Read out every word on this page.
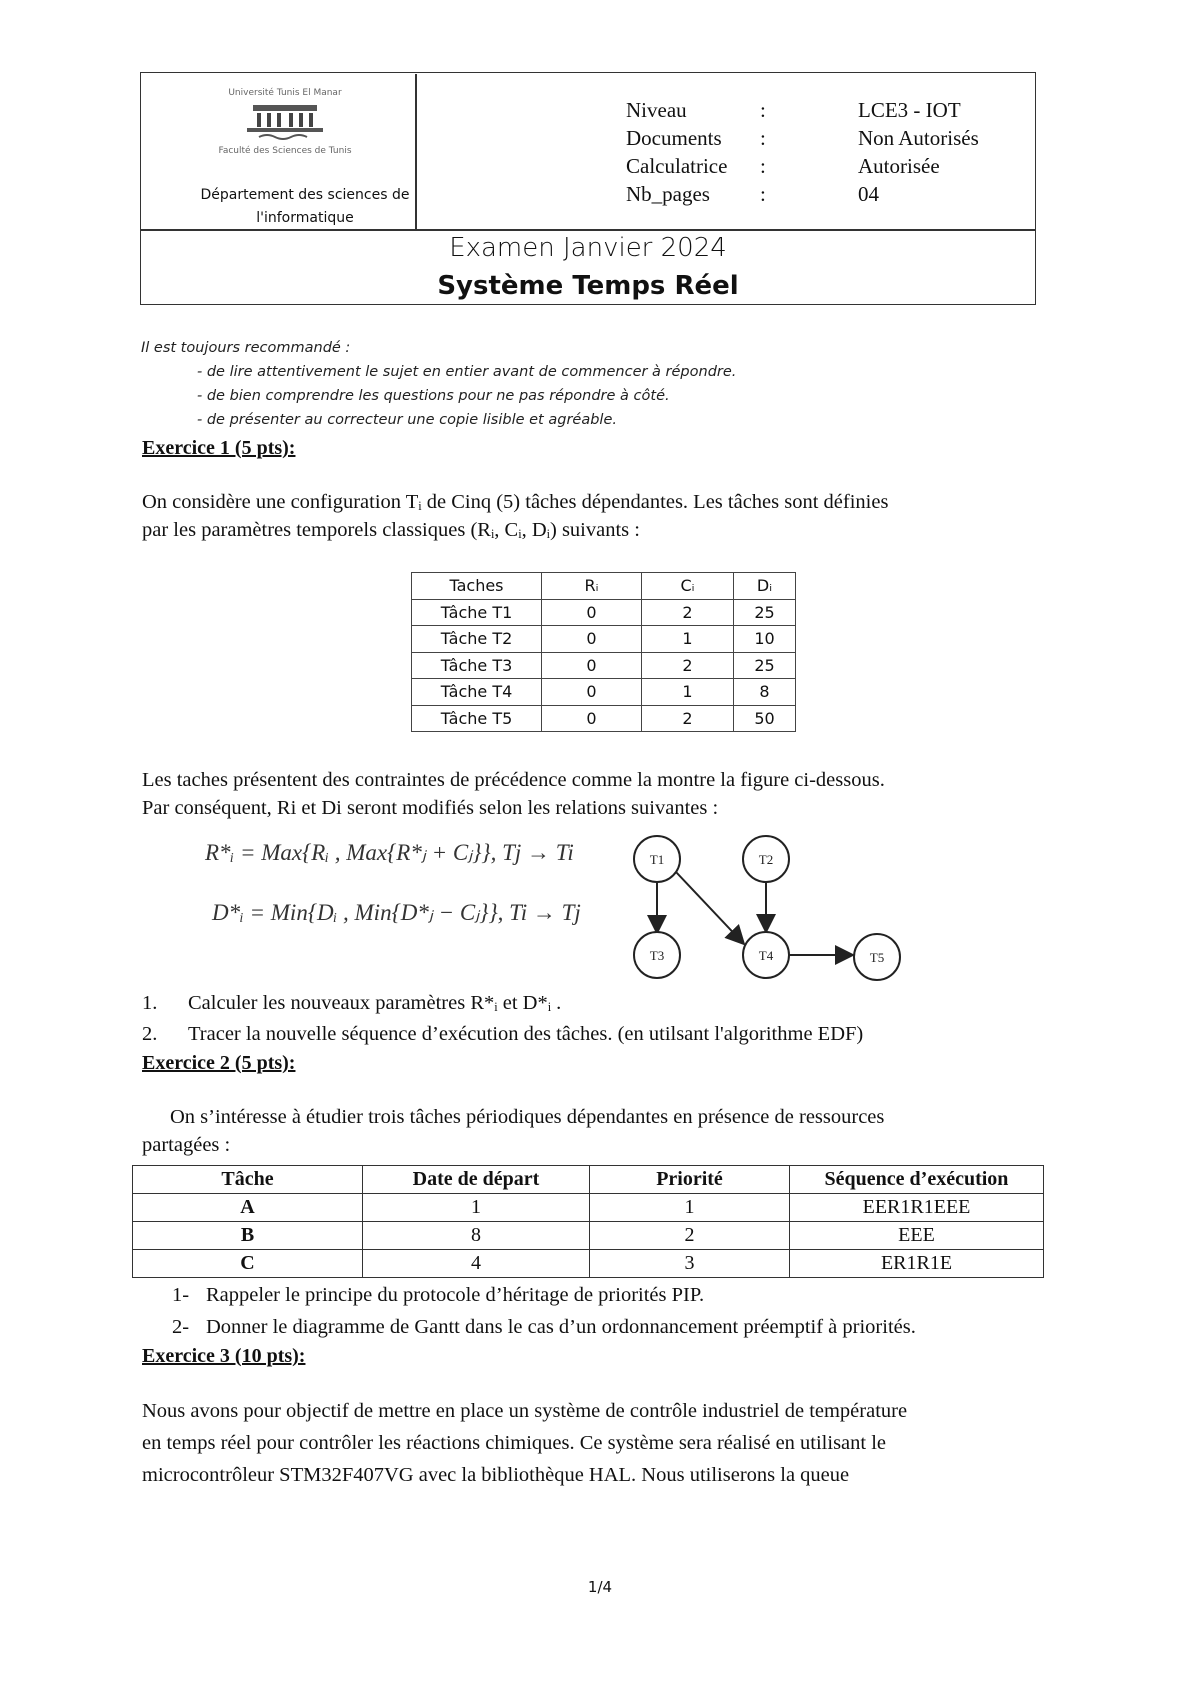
Université Tunis El Manar
Faculté des Sciences de Tunis
Département des sciences de
l'informatique
Niveau	:	LCE3 - IOT
Documents :	Non Autorisés
Calculatrice :	Autorisée
Nb_pages :	04
Examen Janvier 2024
Système Temps Réel
Il est toujours recommandé :
- de lire attentivement le sujet en entier avant de commencer à répondre.
- de bien comprendre les questions pour ne pas répondre à côté.
- de présenter au correcteur une copie lisible et agréable.
Exercice 1 (5 pts):
On considère une configuration Tᵢ de Cinq (5) tâches dépendantes. Les tâches sont définies
par les paramètres temporels classiques (Rᵢ, Cᵢ, Dᵢ) suivants :
Taches	Rᵢ	Cᵢ	Dᵢ
Tâche T1	0	2	25
Tâche T2	0	1	10
Tâche T3	0	2	25
Tâche T4	0	1	8
Tâche T5	0	2	50
Les taches présentent des contraintes de précédence comme la montre la figure ci-dessous.
Par conséquent, Ri et Di seront modifiés selon les relations suivantes :
R*ᵢ = Max{Rᵢ , Max{R*ⱼ + Cⱼ}}, Tj → Ti
D*ᵢ = Min{Dᵢ , Min{D*ⱼ − Cⱼ}}, Ti → Tj
T1	T2
T3	T4	T5
1. Calculer les nouveaux paramètres R*ᵢ et D*ᵢ .
2. Tracer la nouvelle séquence d’exécution des tâches. (en utilsant l'algorithme EDF)
Exercice 2 (5 pts):
On s’intéresse à étudier trois tâches périodiques dépendantes en présence de ressources
partagées :
Tâche	Date de départ	Priorité	Séquence d’exécution
A	1	1	EER1R1EEE
B	8	2	EEE
C	4	3	ER1R1E
1- Rappeler le principe du protocole d’héritage de priorités PIP.
2- Donner le diagramme de Gantt dans le cas d’un ordonnancement préemptif à priorités.
Exercice 3 (10 pts):
Nous avons pour objectif de mettre en place un système de contrôle industriel de température
en temps réel pour contrôler les réactions chimiques. Ce système sera réalisé en utilisant le
microcontrôleur STM32F407VG avec la bibliothèque HAL. Nous utiliserons la queue
1/4
